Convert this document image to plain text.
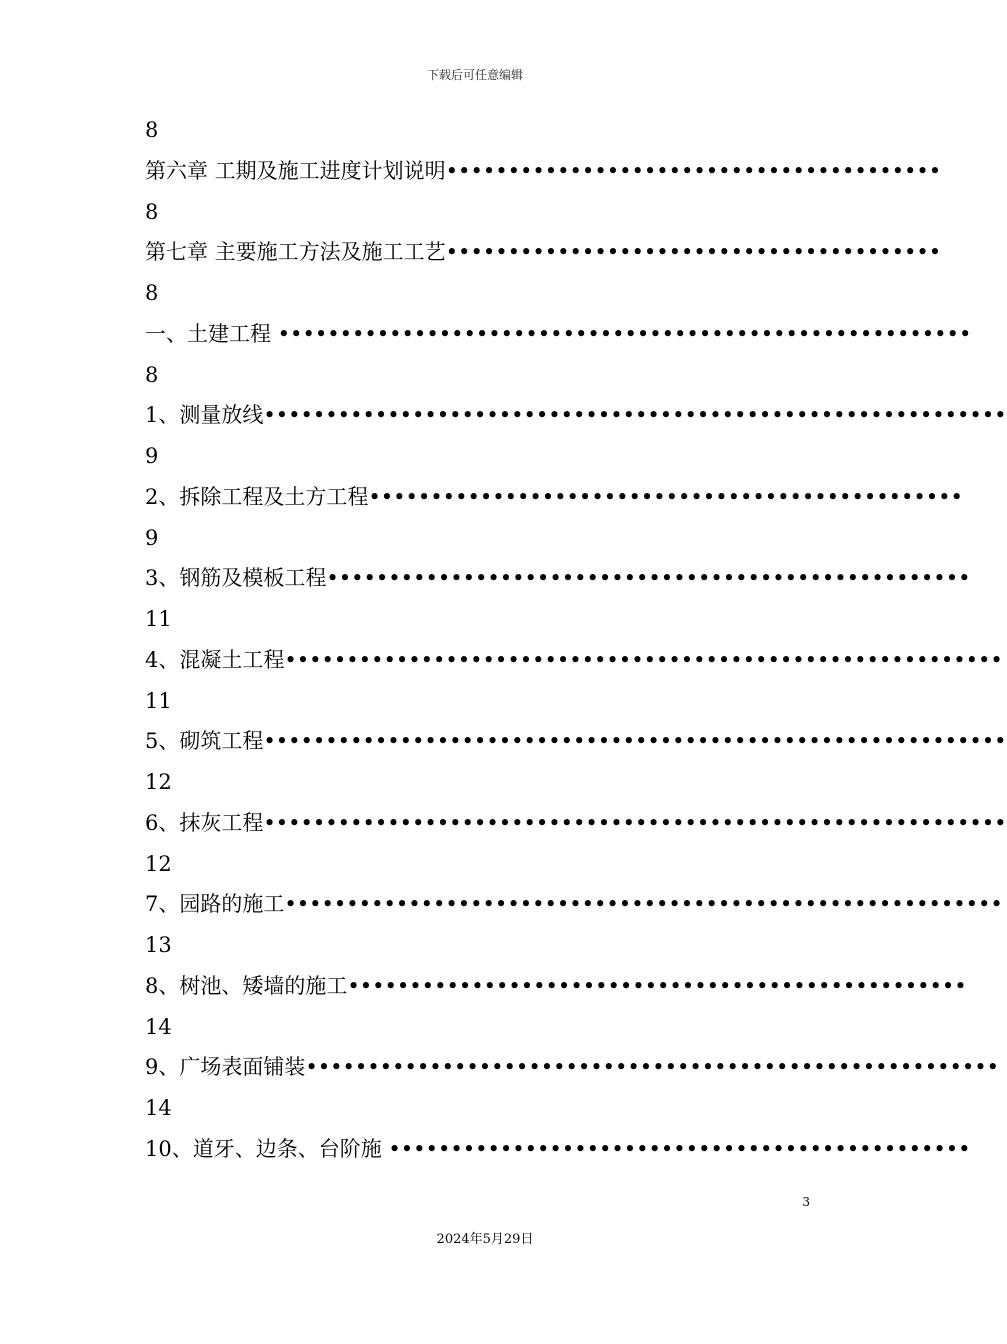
下载后可任意编辑
8
第六章 工期及施工进度计划说明••••••••••••••••••••••••••••••••••••••••
8
第七章 主要施工方法及施工工艺••••••••••••••••••••••••••••••••••••••••
8
一、土建工程 ••••••••••••••••••••••••••••••••••••••••••••••••••••••••
8
1、测量放线••••••••••••••••••••••••••••••••••••••••••••••••••••••••••••
9
2、拆除工程及土方工程••••••••••••••••••••••••••••••••••••••••••••••••
9
3、钢筋及模板工程••••••••••••••••••••••••••••••••••••••••••••••••••••
11
4、混凝土工程••••••••••••••••••••••••••••••••••••••••••••••••••••••••••
11
5、砌筑工程••••••••••••••••••••••••••••••••••••••••••••••••••••••••••••
12
6、抹灰工程••••••••••••••••••••••••••••••••••••••••••••••••••••••••••••
12
7、园路的施工••••••••••••••••••••••••••••••••••••••••••••••••••••••••••
13
8、树池、矮墙的施工••••••••••••••••••••••••••••••••••••••••••••••••••
14
9、广场表面铺装••••••••••••••••••••••••••••••••••••••••••••••••••••••••
14
10、道牙、边条、台阶施 •••••••••••••••••••••••••••••••••••••••••••••••
3
2024年5月29日
